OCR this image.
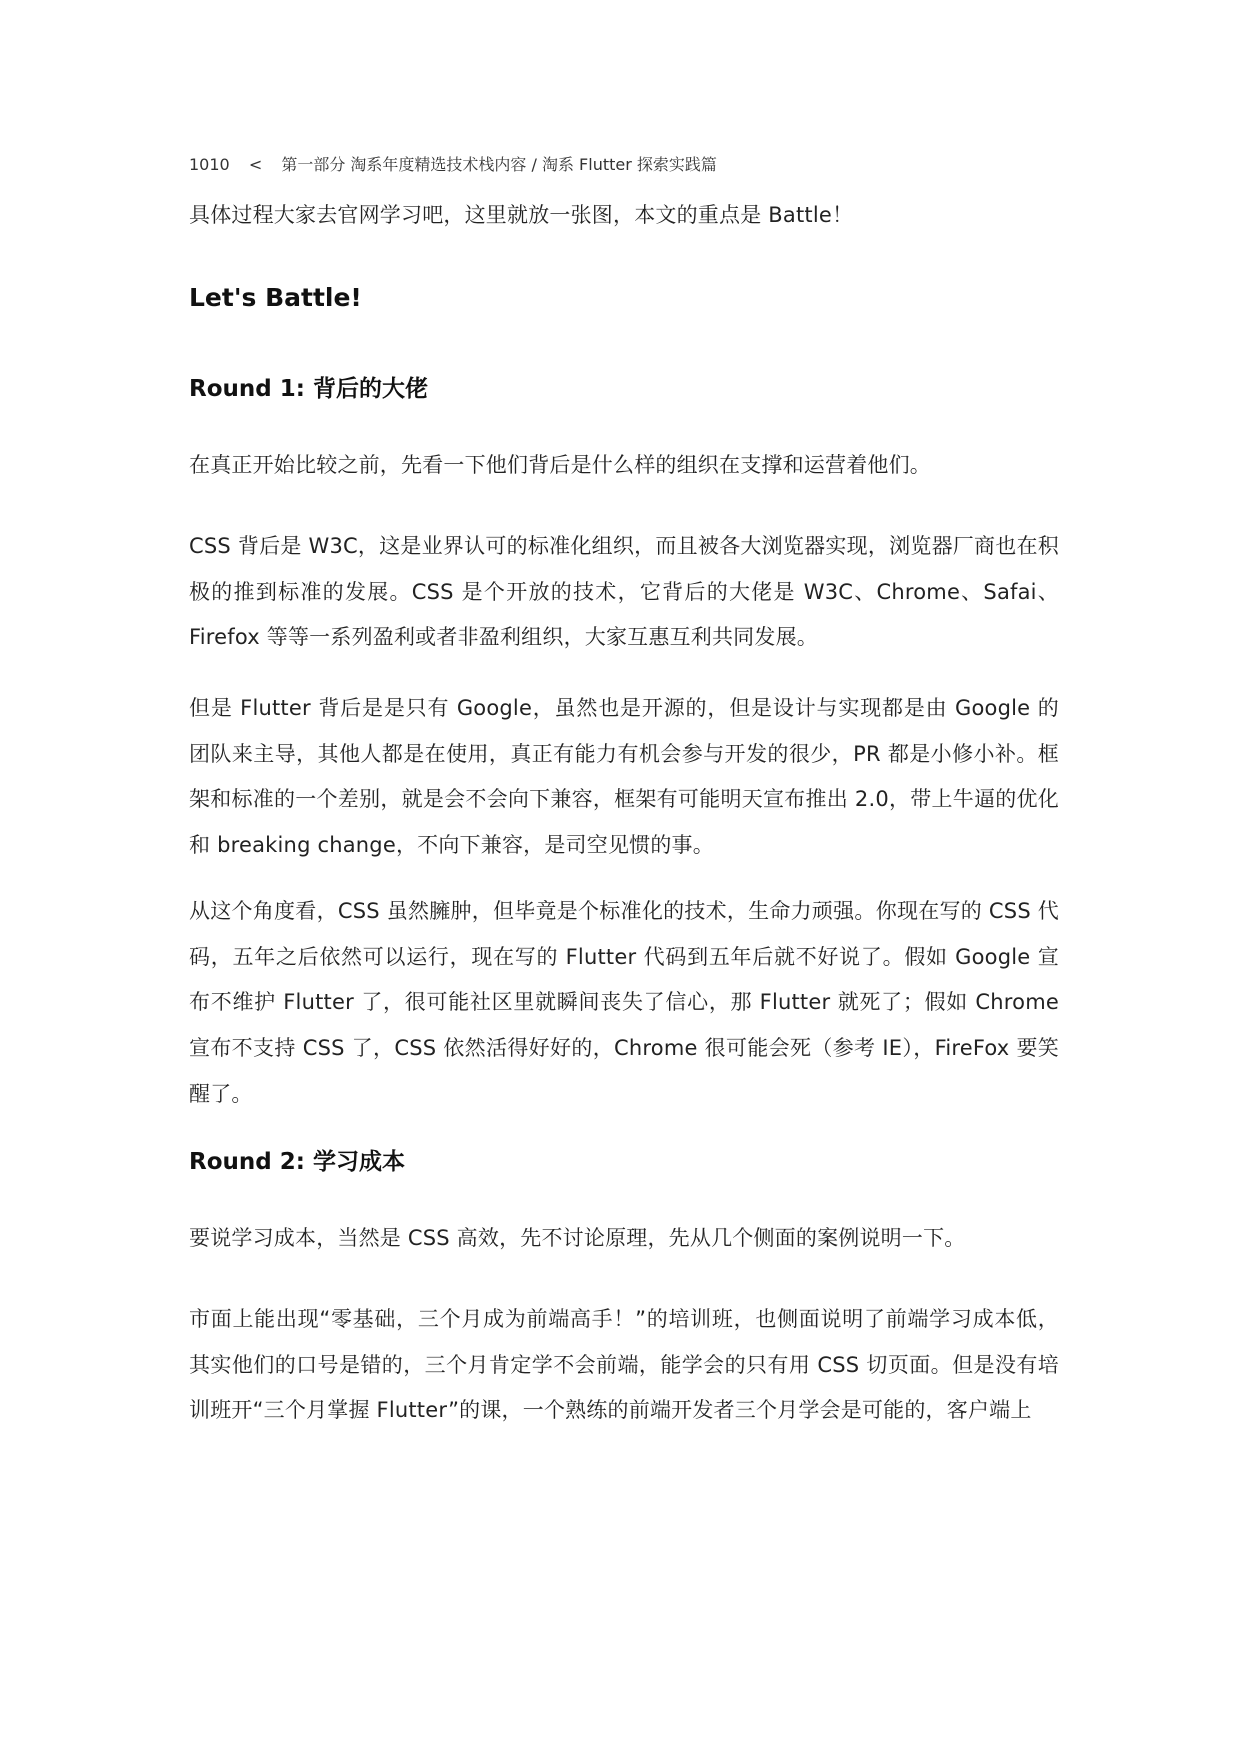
1010 < 第一部分 淘系年度精选技术栈内容 / 淘系 Flutter 探索实践篇

具体过程大家去官网学习吧，这里就放一张图，本文的重点是 Battle！

Let's Battle!
Round 1: 背后的大佬

在真正开始比较之前，先看一下他们背后是什么样的组织在支撑和运营着他们。

CSS 背后是 W3C，这是业界认可的标准化组织，而且被各大浏览器实现，浏览器厂商也在积极的推到标准的发展。CSS 是个开放的技术，它背后的大佬是 W3C、Chrome、Safai、Firefox 等等一系列盈利或者非盈利组织，大家互惠互利共同发展。

但是 Flutter 背后是是只有 Google，虽然也是开源的，但是设计与实现都是由 Google 的团队来主导，其他人都是在使用，真正有能力有机会参与开发的很少，PR 都是小修小补。框架和标准的一个差别，就是会不会向下兼容，框架有可能明天宣布推出 2.0，带上牛逼的优化和 breaking change，不向下兼容，是司空见惯的事。

从这个角度看，CSS 虽然臃肿，但毕竟是个标准化的技术，生命力顽强。你现在写的 CSS 代码，五年之后依然可以运行，现在写的 Flutter 代码到五年后就不好说了。假如 Google 宣布不维护 Flutter 了，很可能社区里就瞬间丧失了信心，那 Flutter 就死了；假如 Chrome 宣布不支持 CSS 了，CSS 依然活得好好的，Chrome 很可能会死（参考 IE），FireFox 要笑醒了。

Round 2: 学习成本

要说学习成本，当然是 CSS 高效，先不讨论原理，先从几个侧面的案例说明一下。

市面上能出现“零基础，三个月成为前端高手！”的培训班，也侧面说明了前端学习成本低，其实他们的口号是错的，三个月肯定学不会前端，能学会的只有用 CSS 切页面。但是没有培训班开“三个月掌握 Flutter”的课，一个熟练的前端开发者三个月学会是可能的，客户端上
